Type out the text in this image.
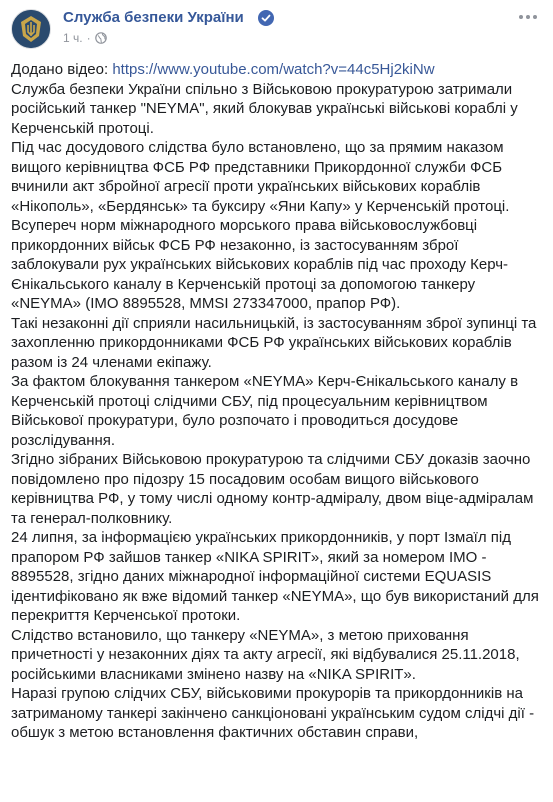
Служба безпеки України
1 ч. ·

Додано відео: https://www.youtube.com/watch?v=44c5Hj2kiNw

Служба безпеки України спільно з Військовою прокуратурою затримали російський танкер "NEYMA", який блокував українські військові кораблі у Керченській протоці.

Під час досудового слідства було встановлено, що за прямим наказом вищого керівництва ФСБ РФ представники Прикордонної служби ФСБ вчинили акт збройної агресії проти українських військових кораблів «Нікополь», «Бердянськ» та буксиру «Яни Капу» у Керченській протоці.

Всупереч норм міжнародного морського права військовослужбовці прикордонних військ ФСБ РФ незаконно, із застосуванням зброї заблокували рух українських військових кораблів під час проходу Керч-Єнікальського каналу в Керченській протоці за допомогою танкеру «NEYMA» (IMO 8895528, MMSI 273347000, прапор РФ).

Такі незаконні дії сприяли насильницькій, із застосуванням зброї зупинці та захопленню прикордонниками ФСБ РФ українських військових кораблів разом із 24 членами екіпажу.

За фактом блокування танкером «NEYMA» Керч-Єнікальського каналу в Керченській протоці слідчими СБУ, під процесуальним керівництвом Військової прокуратури, було розпочато і проводиться досудове розслідування.

Згідно зібраних Військовою прокуратурою та слідчими СБУ доказів заочно повідомлено про підозру 15 посадовим особам вищого військового керівництва РФ, у тому числі одному контр-адміралу, двом віце-адміралам та генерал-полковнику.

24 липня, за інформацією українських прикордонників, у порт Ізмаїл під прапором РФ зайшов танкер «NIKA SPIRIT», який за номером IMO - 8895528, згідно даних міжнародної інформаційної системи EQUASIS ідентифіковано як вже відомий танкер «NEYMA», що був використаний для перекриття Керченської протоки.

Слідство встановило, що танкеру «NEYMA», з метою приховання причетності у незаконних діях та акту агресії, які відбувалися 25.11.2018, російськими власниками змінено назву на «NIKA SPIRIT».

Наразі групою слідчих СБУ, військовими прокурорів та прикордонників на затриманому танкері закінчено санкціоновані українським судом слідчі дії - обшук з метою встановлення фактичних обставин справи,
